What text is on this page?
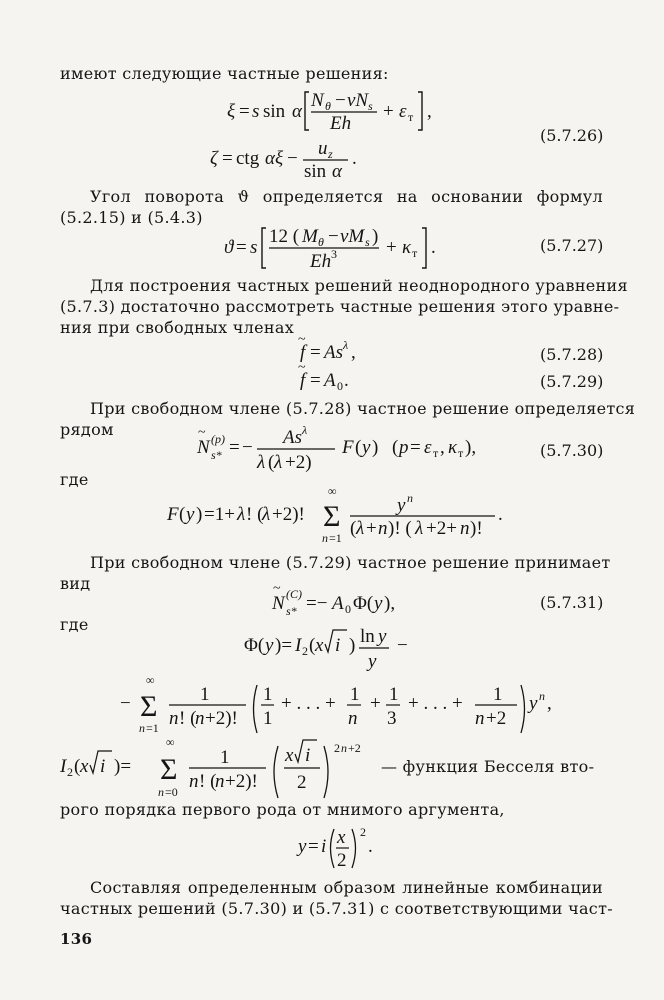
имеют следующие частные решения:
Угол поворота ϑ определяется на основании формул
(5.2.15) и (5.4.3)
Для построения частных решений неоднородного уравнения
(5.7.3) достаточно рассмотреть частные решения этого уравне-
ния при свободных членах
При свободном члене (5.7.28) частное решение определяется
рядом
где
При свободном члене (5.7.29) частное решение принимает
вид
где
— функция Бесселя вто-
рого порядка первого рода от мнимого аргумента,
Составляя определенным образом линейные комбинации
частных решений (5.7.30) и (5.7.31) с соответствующими част-
136
(5.7.26)
(5.7.27)
(5.7.28)
(5.7.29)
(5.7.30)
(5.7.31)
ξ = s sin α
N θ − νN s
Eh
+ ε т ,
ζ = ctg αξ − u z
sin α
.
ϑ = s
12 ( M θ − νM s )
Eh 3	+ κ т .
f
~
= As λ ,
f
~
= A 0 .
N
~ (p)
s* = − As λ
λ ( λ +2)
F ( y ) ( p = ε т , κ т ),
F ( y ) =1+ λ ! (
λ +2)!
∞
Σ
n =1
y n
( λ + n )! ( λ +2+ n )!
.
N
~ (C)
s* =− A 0 Φ( y ),
Φ( y )= I 2 ( x i ) ln y
y
−
−
∞
Σ
n =1
1
n ! (
n +2)!
1
1
+ . . . + 1
n
+ 1
3
+ . . . + 1
n +2
y n ,
I 2 ( x i )=
∞
Σ
n =0
1
n ! (
n +2)!
x i
2
2 n +2
y = i x
2
2
.
